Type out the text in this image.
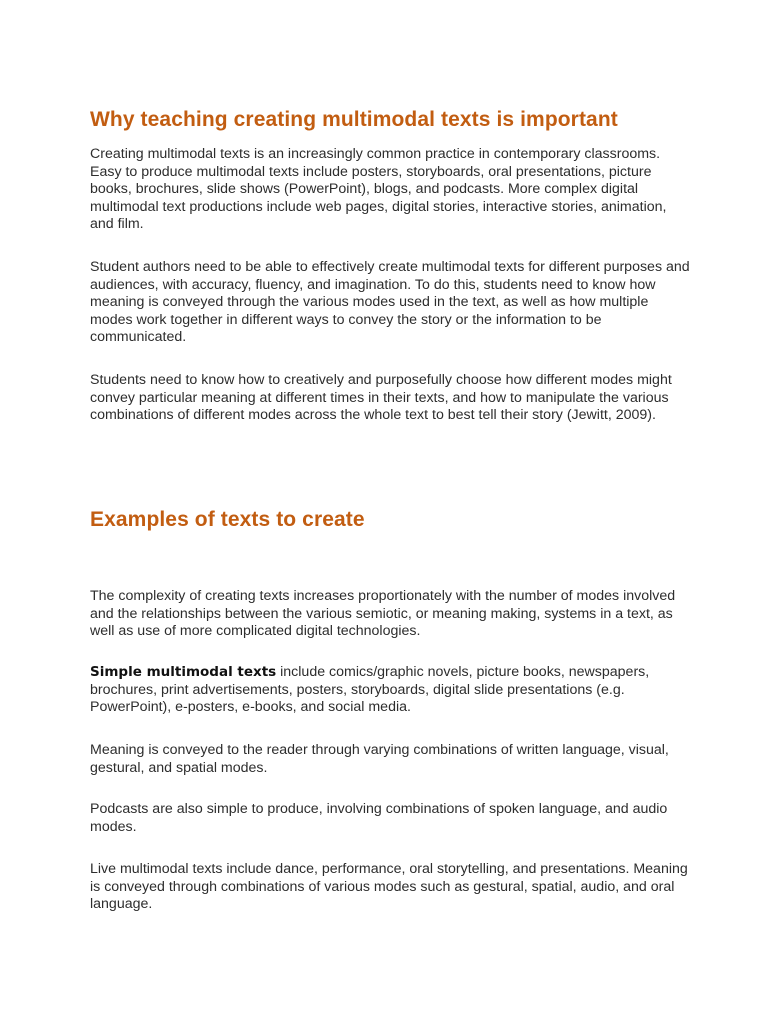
Why teaching creating multimodal texts is important

Creating multimodal texts is an increasingly common practice in contemporary classrooms. Easy to produce multimodal texts include posters, storyboards, oral presentations, picture books, brochures, slide shows (PowerPoint), blogs, and podcasts. More complex digital multimodal text productions include web pages, digital stories, interactive stories, animation, and film.

Student authors need to be able to effectively create multimodal texts for different purposes and audiences, with accuracy, fluency, and imagination. To do this, students need to know how meaning is conveyed through the various modes used in the text, as well as how multiple modes work together in different ways to convey the story or the information to be communicated.

Students need to know how to creatively and purposefully choose how different modes might convey particular meaning at different times in their texts, and how to manipulate the various combinations of different modes across the whole text to best tell their story (Jewitt, 2009).

Examples of texts to create

The complexity of creating texts increases proportionately with the number of modes involved and the relationships between the various semiotic, or meaning making, systems in a text, as well as use of more complicated digital technologies.

Simple multimodal texts include comics/graphic novels, picture books, newspapers, brochures, print advertisements, posters, storyboards, digital slide presentations (e.g. PowerPoint), e-posters, e-books, and social media.

Meaning is conveyed to the reader through varying combinations of written language, visual, gestural, and spatial modes.

Podcasts are also simple to produce, involving combinations of spoken language, and audio modes.

Live multimodal texts include dance, performance, oral storytelling, and presentations. Meaning is conveyed through combinations of various modes such as gestural, spatial, audio, and oral language.
